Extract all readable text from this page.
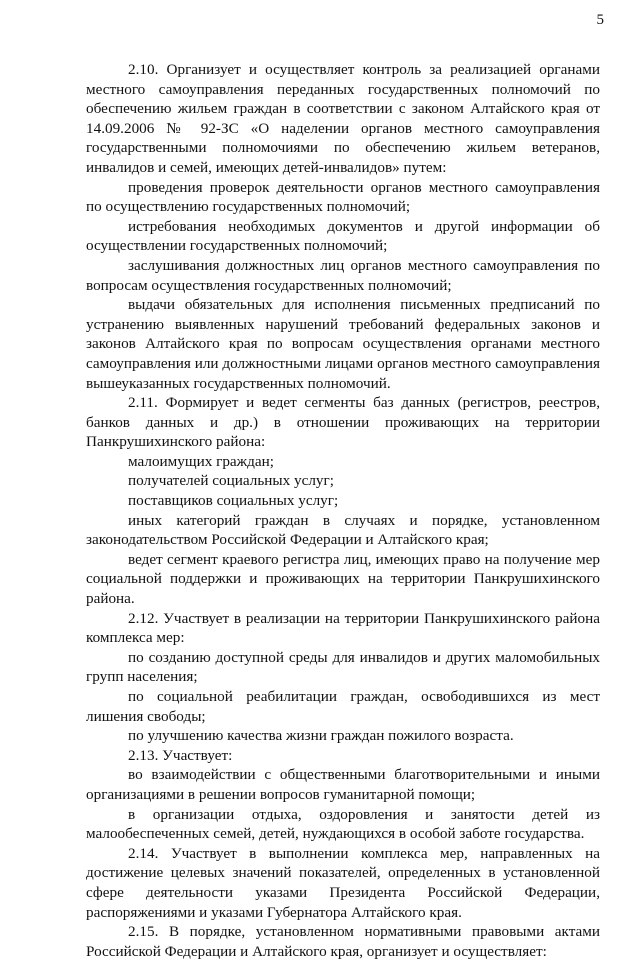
5

2.10. Организует и осуществляет контроль за реализацией органами местного самоуправления переданных государственных полномочий по обеспечению жильем граждан в соответствии с законом Алтайского края от 14.09.2006 № 92-ЗС «О наделении органов местного самоуправления государственными полномочиями по обеспечению жильем ветеранов, инвалидов и семей, имеющих детей-инвалидов» путем:

проведения проверок деятельности органов местного самоуправления по осуществлению государственных полномочий;

истребования необходимых документов и другой информации об осуществлении государственных полномочий;

заслушивания должностных лиц органов местного самоуправления по вопросам осуществления государственных полномочий;

выдачи обязательных для исполнения письменных предписаний по устранению выявленных нарушений требований федеральных законов и законов Алтайского края по вопросам осуществления органами местного самоуправления или должностными лицами органов местного самоуправления вышеуказанных государственных полномочий.

2.11. Формирует и ведет сегменты баз данных (регистров, реестров, банков данных и др.) в отношении проживающих на территории Панкрушихинского района:

малоимущих граждан;

получателей социальных услуг;

поставщиков социальных услуг;

иных категорий граждан в случаях и порядке, установленном законодательством Российской Федерации и Алтайского края;

ведет сегмент краевого регистра лиц, имеющих право на получение мер социальной поддержки и проживающих на территории Панкрушихинского района.

2.12. Участвует в реализации на территории Панкрушихинского района комплекса мер:

по созданию доступной среды для инвалидов и других маломобильных групп населения;

по социальной реабилитации граждан, освободившихся из мест лишения свободы;

по улучшению качества жизни граждан пожилого возраста.

2.13. Участвует:

во взаимодействии с общественными благотворительными и иными организациями в решении вопросов гуманитарной помощи;

в организации отдыха, оздоровления и занятости детей из малообеспеченных семей, детей, нуждающихся в особой заботе государства.

2.14. Участвует в выполнении комплекса мер, направленных на достижение целевых значений показателей, определенных в установленной сфере деятельности указами Президента Российской Федерации, распоряжениями и указами Губернатора Алтайского края.

2.15. В порядке, установленном нормативными правовыми актами Российской Федерации и Алтайского края, организует и осуществляет:
